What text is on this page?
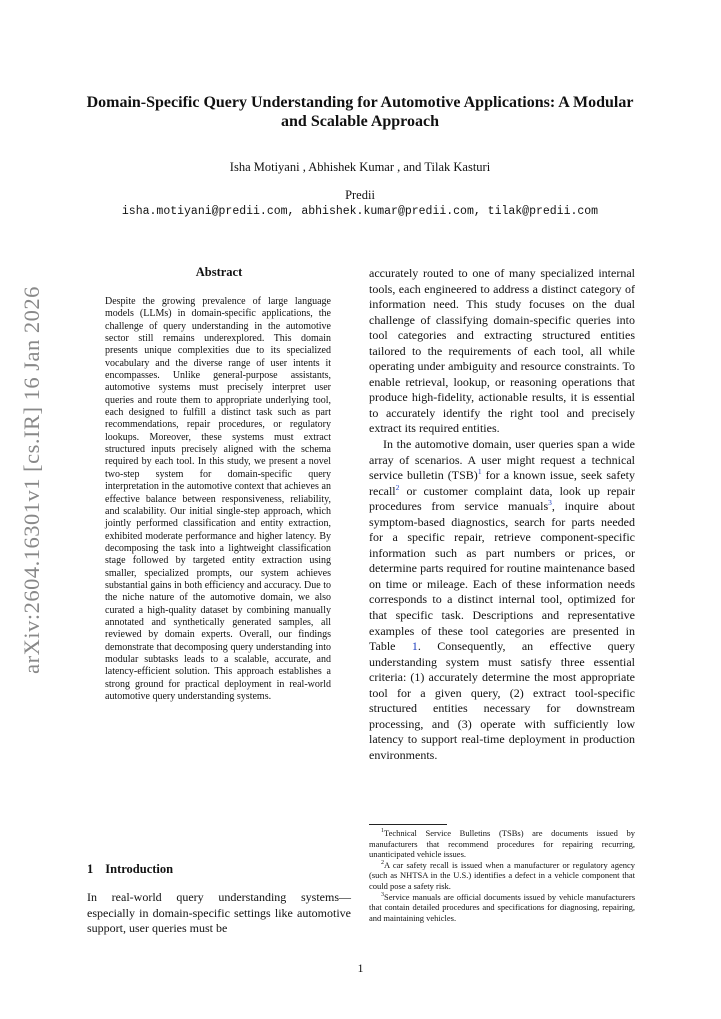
arXiv:2604.16301v1 [cs.IR] 16 Jan 2026
Domain-Specific Query Understanding for Automotive Applications: A Modular and Scalable Approach
Isha Motiyani , Abhishek Kumar , and Tilak Kasturi
Predii
isha.motiyani@predii.com, abhishek.kumar@predii.com, tilak@predii.com
Abstract

Despite the growing prevalence of large language models (LLMs) in domain-specific applications, the challenge of query understanding in the automotive sector still remains underexplored. This domain presents unique complexities due to its specialized vocabulary and the diverse range of user intents it encompasses. Unlike general-purpose assistants, automotive systems must precisely interpret user queries and route them to appropriate underlying tool, each designed to fulfill a distinct task such as part recommendations, repair procedures, or regulatory lookups. Moreover, these systems must extract structured inputs precisely aligned with the schema required by each tool. In this study, we present a novel two-step system for domain-specific query interpretation in the automotive context that achieves an effective balance between responsiveness, reliability, and scalability. Our initial single-step approach, which jointly performed classification and entity extraction, exhibited moderate performance and higher latency. By decomposing the task into a lightweight classification stage followed by targeted entity extraction using smaller, specialized prompts, our system achieves substantial gains in both efficiency and accuracy. Due to the niche nature of the automotive domain, we also curated a high-quality dataset by combining manually annotated and synthetically generated samples, all reviewed by domain experts. Overall, our findings demonstrate that decomposing query understanding into modular subtasks leads to a scalable, accurate, and latency-efficient solution. This approach establishes a strong ground for practical deployment in real-world automotive query understanding systems.

1 Introduction

In real-world query understanding systems—especially in domain-specific settings like automotive support, user queries must be

accurately routed to one of many specialized internal tools, each engineered to address a distinct category of information need. This study focuses on the dual challenge of classifying domain-specific queries into tool categories and extracting structured entities tailored to the requirements of each tool, all while operating under ambiguity and resource constraints. To enable retrieval, lookup, or reasoning operations that produce high-fidelity, actionable results, it is essential to accurately identify the right tool and precisely extract its required entities.

In the automotive domain, user queries span a wide array of scenarios. A user might request a technical service bulletin (TSB)$^1$ for a known issue, seek safety recall$^2$ or customer complaint data, look up repair procedures from service manuals$^3$, inquire about symptom-based diagnostics, search for parts needed for a specific repair, retrieve component-specific information such as part numbers or prices, or determine parts required for routine maintenance based on time or mileage. Each of these information needs corresponds to a distinct internal tool, optimized for that specific task. Descriptions and representative examples of these tool categories are presented in Table 1. Consequently, an effective query understanding system must satisfy three essential criteria: (1) accurately determine the most appropriate tool for a given query, (2) extract tool-specific structured entities necessary for downstream processing, and (3) operate with sufficiently low latency to support real-time deployment in production environments.

$^1$Technical Service Bulletins (TSBs) are documents issued by manufacturers that recommend procedures for repairing recurring, unanticipated vehicle issues.

$^2$A car safety recall is issued when a manufacturer or regulatory agency (such as NHTSA in the U.S.) identifies a defect in a vehicle component that could pose a safety risk.

$^3$Service manuals are official documents issued by vehicle manufacturers that contain detailed procedures and specifications for diagnosing, repairing, and maintaining vehicles.

1
